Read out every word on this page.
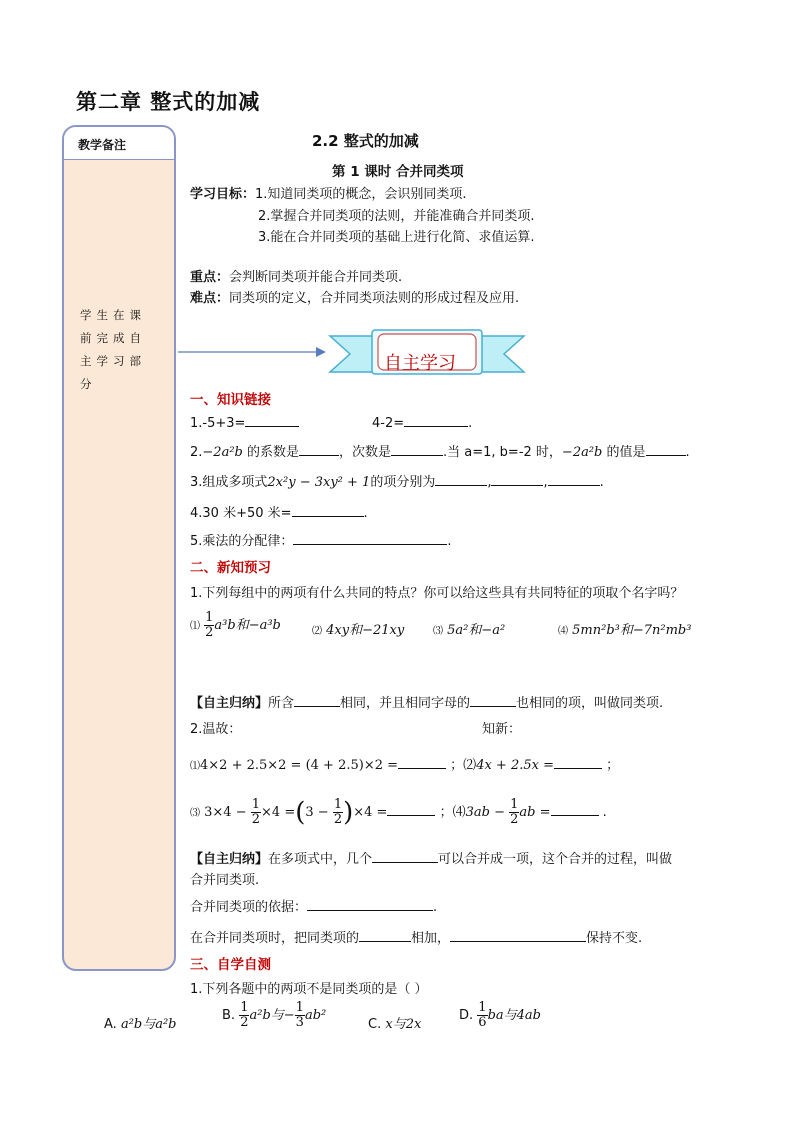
第二章 整式的加减
教学备注
学生在课前完成自主学习部分
2.2 整式的加减
第 1 课时 合并同类项
学习目标：1.知道同类项的概念，会识别同类项.
2.掌握合并同类项的法则，并能准确合并同类项.
3.能在合并同类项的基础上进行化简、求值运算.
重点：会判断同类项并能合并同类项.
难点：同类项的定义，合并同类项法则的形成过程及应用.
自主学习
一、知识链接
1.-5+3=	4-2=	.
2.−2a²b 的系数是	，次数是	.当 a=1, b=-2 时，−2a²b 的值是	.
3.组成多项式2x²y − 3xy² + 1的项分别为	,	,	.
4.30 米+50 米=	.
5.乘法的分配律：	.
二、新知预习
1.下列每组中的两项有什么共同的特点？你可以给这些具有共同特征的项取个名字吗？
⑴ $\frac{1}{2} a^3b$和−a³b	⑵ 4xy和−21xy	⑶ 5a²和−a²	⑷ 5mn²b³和−7n²mb³
【自主归纳】所含	相同，并且相同字母的	也相同的项，叫做同类项.
2.温故：	知新：
⑴4×2 + 2.5×2 = (4 + 2.5)×2 =	；⑵4x + 2.5x =	；
⑶ $3\times 4 - \frac{1}{2} \times 4 =(3 - \frac{1}{2} )\times 4$ =	；⑷3ab − $\frac{1}{2}$ ab =	.
【自主归纳】在多项式中，几个	可以合并成一项，这个合并的过程，叫做
合并同类项.
合并同类项的依据：	.
在合并同类项时，把同类项的	相加，	保持不变.
三、自学自测
1.下列各题中的两项不是同类项的是（ ）
A. a²b与a²b
B. $\frac{1}{2} a^2b$与− $\frac{1}{3} ab^2$
C. x与2x
D. $\frac{1}{6}$ ba与4ab
